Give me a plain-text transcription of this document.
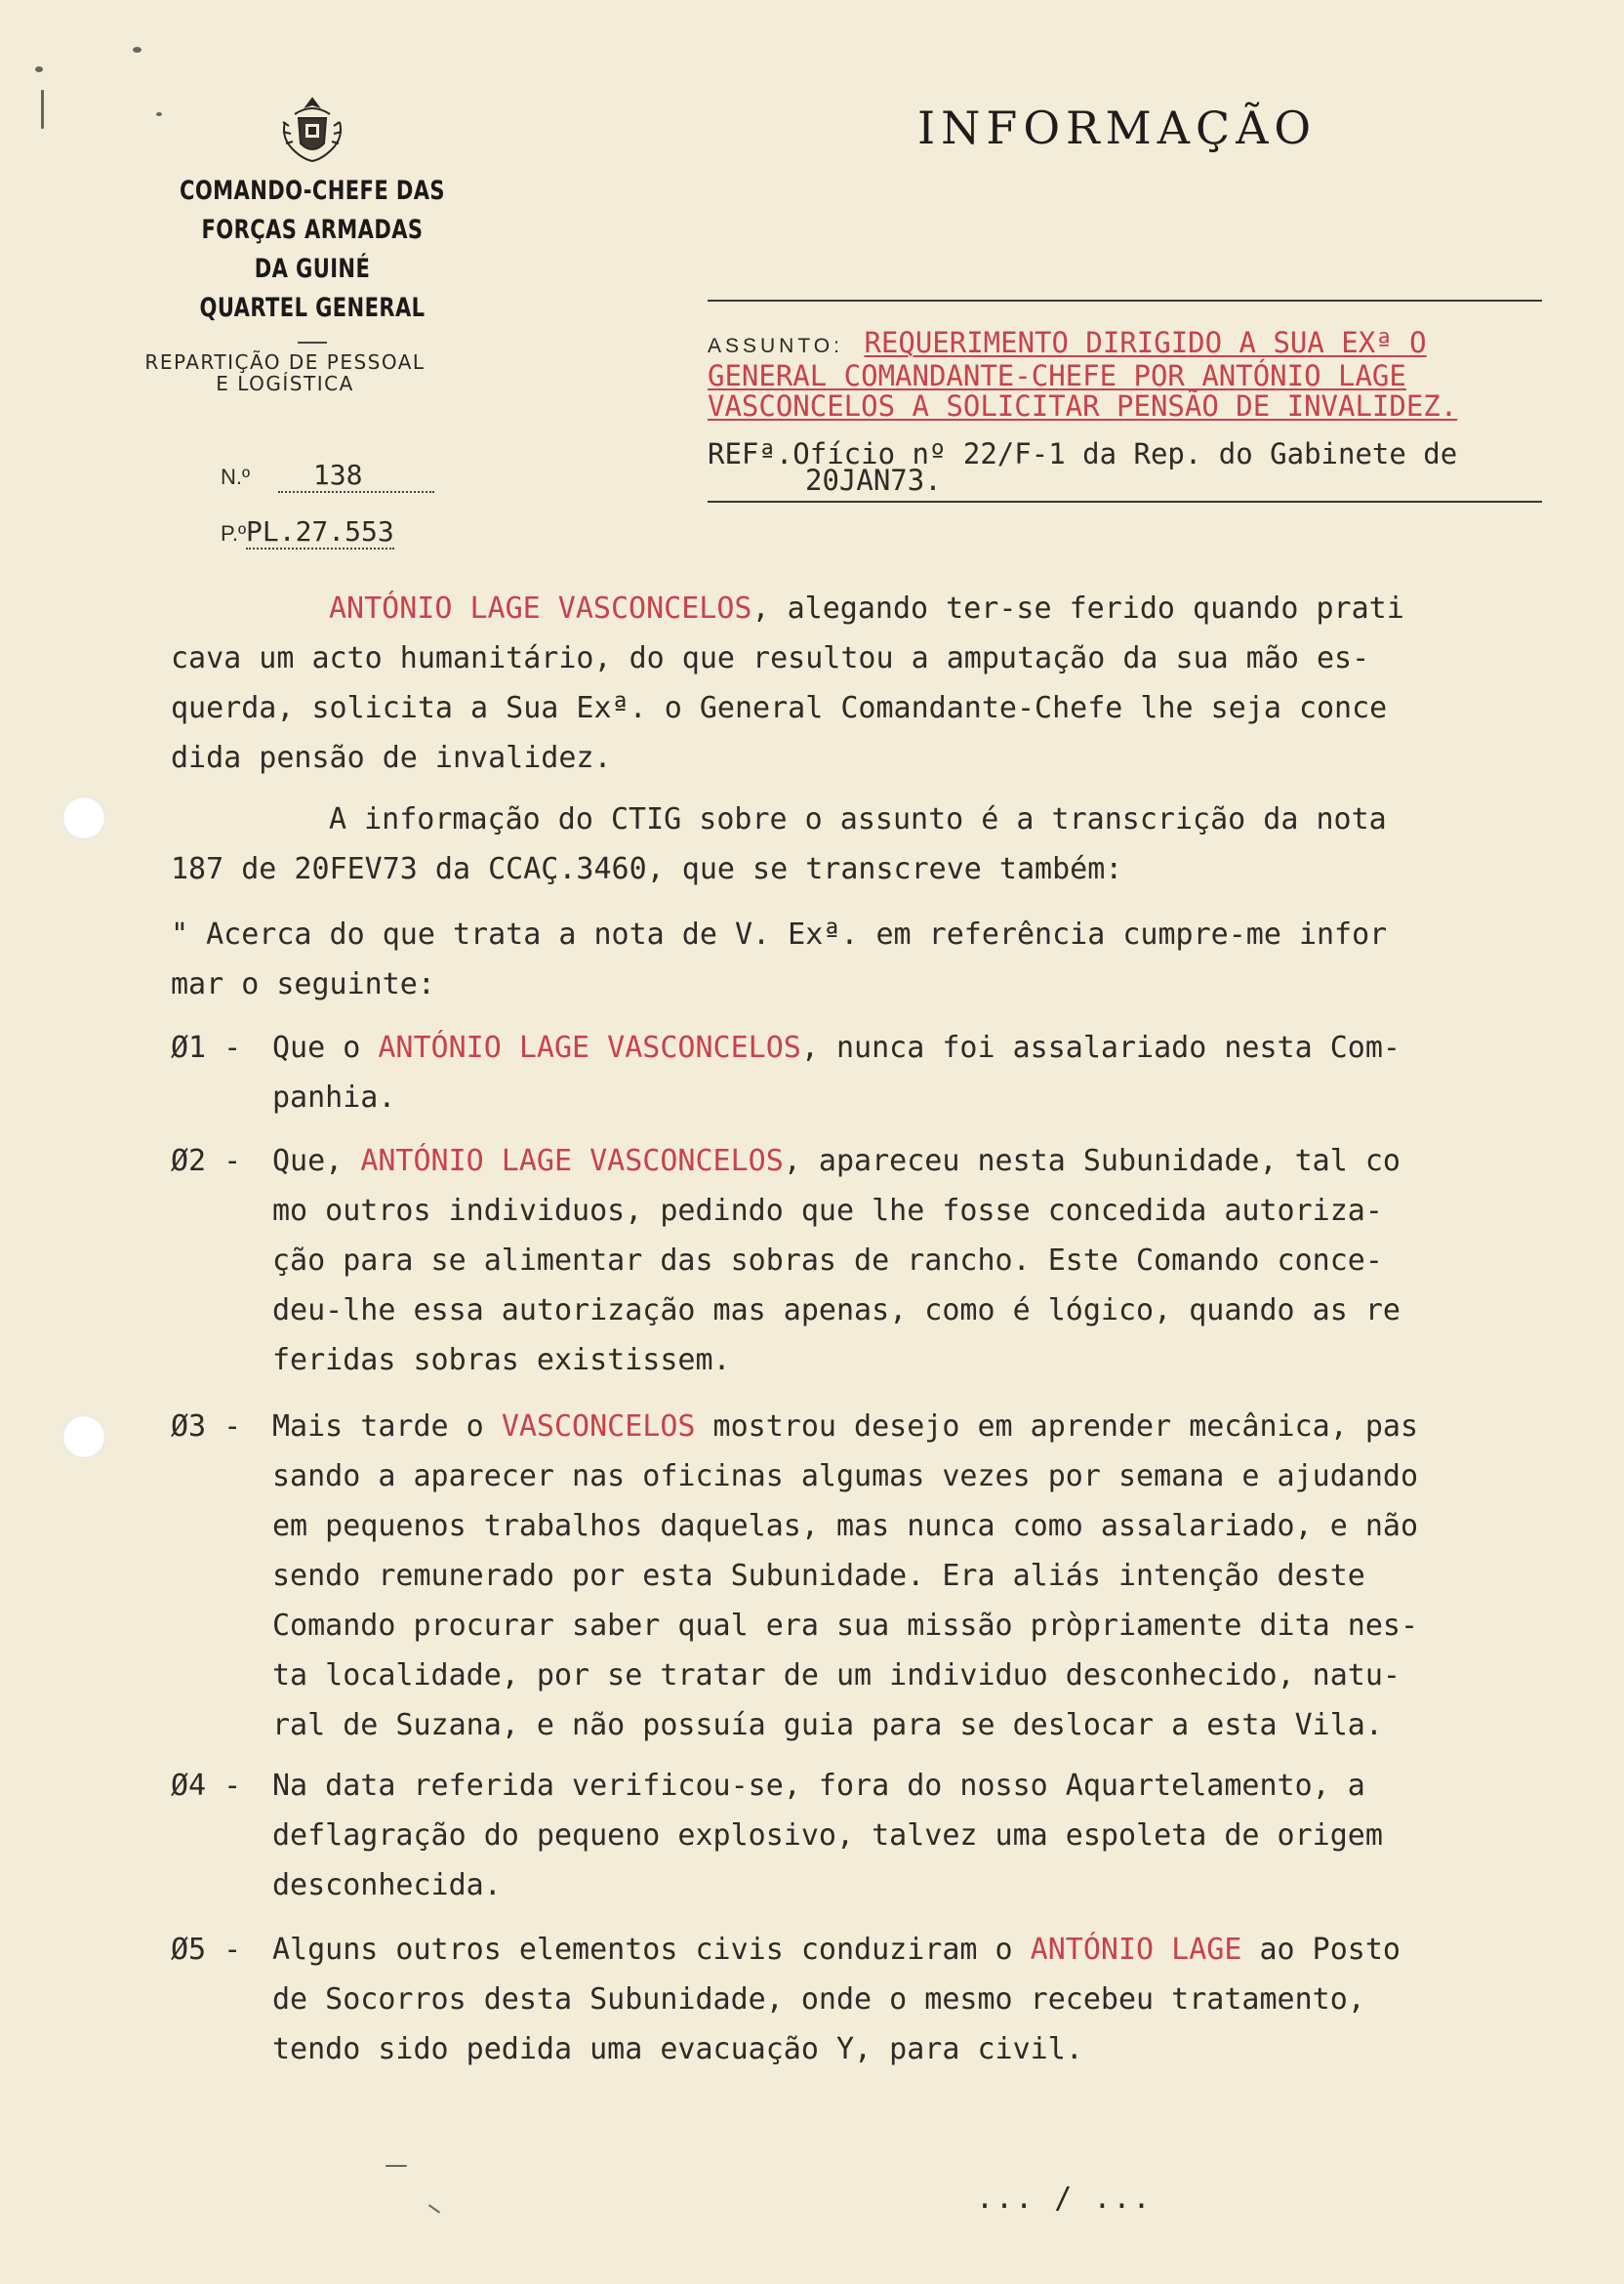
COMANDO-CHEFE DAS FORÇAS ARMADAS

DA GUINÉ

QUARTEL GENERAL

REPARTIÇÃO DE PESSOAL
E LOGÍSTICA
N.º 138
P.ºPL.27.553
INFORMAÇÃO
ASSUNTO: REQUERIMENTO DIRIGIDO A SUA EXª O
GENERAL COMANDANTE-CHEFE POR ANTÓNIO LAGE
VASCONCELOS A SOLICITAR PENSÃO DE INVALIDEZ.
REFª.Ofício nº 22/F-1 da Rep. do Gabinete de
20JAN73.

ANTÓNIO LAGE VASCONCELOS, alegando ter-se ferido quando prati

cava um acto humanitário, do que resultou a amputação da sua mão es-

querda, solicita a Sua Exª. o General Comandante-Chefe lhe seja conce

dida pensão de invalidez.

A informação do CTIG sobre o assunto é a transcrição da nota

187 de 20FEV73 da CCAÇ.3460, que se transcreve também:

" Acerca do que trata a nota de V. Exª. em referência cumpre-me infor

mar o seguinte:

Ø1 - Que o ANTÓNIO LAGE VASCONCELOS, nunca foi assalariado nesta Com-
panhia.
Ø2 - Que, ANTÓNIO LAGE VASCONCELOS, apareceu nesta Subunidade, tal co
mo outros individuos, pedindo que lhe fosse concedida autoriza-
ção para se alimentar das sobras de rancho. Este Comando conce-
deu-lhe essa autorização mas apenas, como é lógico, quando as re
feridas sobras existissem.
Ø3 - Mais tarde o VASCONCELOS mostrou desejo em aprender mecânica, pas
sando a aparecer nas oficinas algumas vezes por semana e ajudando
em pequenos trabalhos daquelas, mas nunca como assalariado, e não
sendo remunerado por esta Subunidade. Era aliás intenção deste
Comando procurar saber qual era sua missão pròpriamente dita nes-
ta localidade, por se tratar de um individuo desconhecido, natu-
ral de Suzana, e não possuía guia para se deslocar a esta Vila.
Ø4 - Na data referida verificou-se, fora do nosso Aquartelamento, a
deflagração do pequeno explosivo, talvez uma espoleta de origem
desconhecida.
Ø5 - Alguns outros elementos civis conduziram o ANTÓNIO LAGE ao Posto
de Socorros desta Subunidade, onde o mesmo recebeu tratamento,
tendo sido pedida uma evacuação Y, para civil.
... / ...
